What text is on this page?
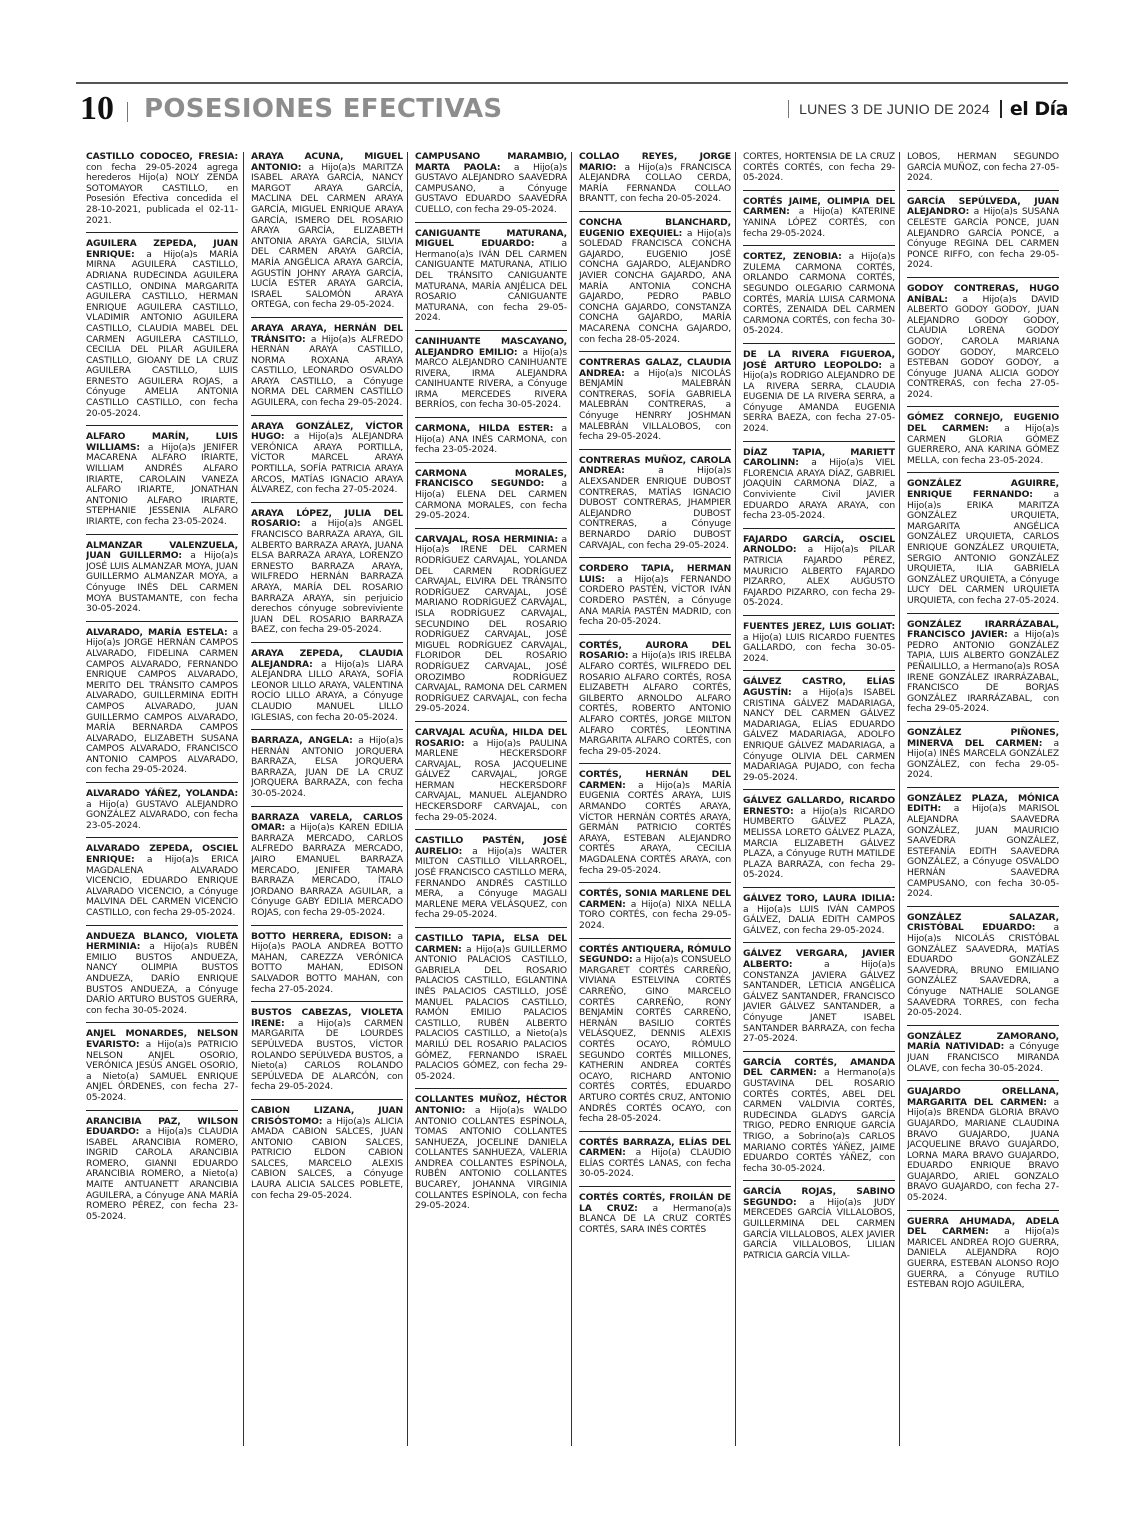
10 POSESIONES EFECTIVAS	LUNES 3 DE JUNIO DE 2024 el Día
CASTILLO CODOCEO, FRESIA: con fecha 29-05-2024 agrega herederos Hijo(a) NOLY ZENDA SOTOMAYOR CASTILLO, en Posesión Efectiva concedida el 28-10-2021, publicada el 02-11-2021.
AGUILERA ZEPEDA, JUAN ENRIQUE: a Hijo(a)s MARÍA MIRNA AGUILERA CASTILLO, ADRIANA RUDECINDA AGUILERA CASTILLO, ONDINA MARGARITA AGUILERA CASTILLO, HERMAN ENRIQUE AGUILERA CASTILLO, VLADIMIR ANTONIO AGUILERA CASTILLO, CLAUDIA MABEL DEL CARMEN AGUILERA CASTILLO, CECILIA DEL PILAR AGUILERA CASTILLO, GIOANY DE LA CRUZ AGUILERA CASTILLO, LUIS ERNESTO AGUILERA ROJAS, a Cónyuge AMELIA ANTONIA CASTILLO CASTILLO, con fecha 20-05-2024.
ALFARO MARÍN, LUIS WILLIAMS: a Hijo(a)s JENIFER MACARENA ALFARO IRIARTE, WILLIAM ANDRÉS ALFARO IRIARTE, CAROLAIN VANEZA ALFARO IRIARTE, JONATHAN ANTONIO ALFARO IRIARTE, STEPHANIE JESSENIA ALFARO IRIARTE, con fecha 23-05-2024.
ALMANZAR VALENZUELA, JUAN GUILLERMO: a Hijo(a)s JOSÉ LUIS ALMANZAR MOYA, JUAN GUILLERMO ALMANZAR MOYA, a Cónyuge INÉS DEL CARMEN MOYA BUSTAMANTE, con fecha 30-05-2024.
ALVARADO, MARÍA ESTELA: a Hijo(a)s JORGE HERNÁN CAMPOS ALVARADO, FIDELINA CARMEN CAMPOS ALVARADO, FERNANDO ENRIQUE CAMPOS ALVARADO, MERITO DEL TRÁNSITO CAMPOS ALVARADO, GUILLERMINA EDITH CAMPOS ALVARADO, JUAN GUILLERMO CAMPOS ALVARADO, MARÍA BERNARDA CAMPOS ALVARADO, ELIZABETH SUSANA CAMPOS ALVARADO, FRANCISCO ANTONIO CAMPOS ALVARADO, con fecha 29-05-2024.
ALVARADO YÁÑEZ, YOLANDA: a Hijo(a) GUSTAVO ALEJANDRO GONZÁLEZ ALVARADO, con fecha 23-05-2024.
ALVARADO ZEPEDA, OSCIEL ENRIQUE: a Hijo(a)s ERICA MAGDALENA ALVARADO VICENCIO, EDUARDO ENRIQUE ALVARADO VICENCIO, a Cónyuge MALVINA DEL CARMEN VICENCIO CASTILLO, con fecha 29-05-2024.
ANDUEZA BLANCO, VIOLETA HERMINIA: a Hijo(a)s RUBÉN EMILIO BUSTOS ANDUEZA, NANCY OLIMPIA BUSTOS ANDUEZA, DARÍO ENRIQUE BUSTOS ANDUEZA, a Cónyuge DARÍO ARTURO BUSTOS GUERRA, con fecha 30-05-2024.
ANJEL MONARDES, NELSON EVARISTO: a Hijo(a)s PATRICIO NELSON ANJEL OSORIO, VERÓNICA JESÚS ANGEL OSORIO, a Nieto(a) SAMUEL ENRIQUE ANJEL ÓRDENES, con fecha 27-05-2024.
ARANCIBIA PAZ, WILSON EDUARDO: a Hijo(a)s CLAUDIA ISABEL ARANCIBIA ROMERO, INGRID CAROLA ARANCIBIA ROMERO, GIANNI EDUARDO ARANCIBIA ROMERO, a Nieto(a) MAITE ANTUANETT ARANCIBIA AGUILERA, a Cónyuge ANA MARÍA ROMERO PÉREZ, con fecha 23-05-2024.
ARAYA ACUÑA, MIGUEL ANTONIO: a Hijo(a)s MARITZA ISABEL ARAYA GARCÍA, NANCY MARGOT ARAYA GARCÍA, MACLINA DEL CARMEN ARAYA GARCÍA, MIGUEL ENRIQUE ARAYA GARCÍA, ISMERO DEL ROSARIO ARAYA GARCÍA, ELIZABETH ANTONIA ARAYA GARCÍA, SILVIA DEL CARMEN ARAYA GARCÍA, MARÍA ANGÉLICA ARAYA GARCÍA, AGUSTÍN JOHNY ARAYA GARCÍA, LUCÍA ESTER ARAYA GARCÍA, ISRAEL SALOMÓN ARAYA ORTEGA, con fecha 29-05-2024.
ARAYA ARAYA, HERNÁN DEL TRÁNSITO: a Hijo(a)s ALFREDO HERNÁN ARAYA CASTILLO, NORMA ROXANA ARAYA CASTILLO, LEONARDO OSVALDO ARAYA CASTILLO, a Cónyuge NORMA DEL CARMEN CASTILLO AGUILERA, con fecha 29-05-2024.
ARAYA GONZÁLEZ, VÍCTOR HUGO: a Hijo(a)s ALEJANDRA VERÓNICA ARAYA PORTILLA, VÍCTOR MARCEL ARAYA PORTILLA, SOFÍA PATRICIA ARAYA ARCOS, MATÍAS IGNACIO ARAYA ÁLVAREZ, con fecha 27-05-2024.
ARAYA LÓPEZ, JULIA DEL ROSARIO: a Hijo(a)s ANGEL FRANCISCO BARRAZA ARAYA, GIL ALBERTO BARRAZA ARAYA, JUANA ELSA BARRAZA ARAYA, LORENZO ERNESTO BARRAZA ARAYA, WILFREDO HERNÁN BARRAZA ARAYA, MARÍA DEL ROSARIO BARRAZA ARAYA, sin perjuicio derechos cónyuge sobreviviente JUAN DEL ROSARIO BARRAZA BAEZ, con fecha 29-05-2024.
ARAYA ZEPEDA, CLAUDIA ALEJANDRA: a Hijo(a)s LIARA ALEJANDRA LILLO ARAYA, SOFÍA LEONOR LILLO ARAYA, VALENTINA ROCÍO LILLO ARAYA, a Cónyuge CLAUDIO MANUEL LILLO IGLESIAS, con fecha 20-05-2024.
BARRAZA, ANGELA: a Hijo(a)s HERNÁN ANTONIO JORQUERA BARRAZA, ELSA JORQUERA BARRAZA, JUAN DE LA CRUZ JORQUERA BARRAZA, con fecha 30-05-2024.
BARRAZA VARELA, CARLOS OMAR: a Hijo(a)s KAREN EDILIA BARRAZA MERCADO, CARLOS ALFREDO BARRAZA MERCADO, JAIRO EMANUEL BARRAZA MERCADO, JENIFER TAMARA BARRAZA MERCADO, ÍTALO JORDANO BARRAZA AGUILAR, a Cónyuge GABY EDILIA MERCADO ROJAS, con fecha 29-05-2024.
BOTTO HERRERA, EDISON: a Hijo(a)s PAOLA ANDREA BOTTO MAHAN, CAREZZA VERÓNICA BOTTO MAHAN, EDISON SALVADOR BOTTO MAHAN, con fecha 27-05-2024.
BUSTOS CABEZAS, VIOLETA IRENE: a Hijo(a)s CARMEN MARGARITA DE LOURDES SEPÚLVEDA BUSTOS, VÍCTOR ROLANDO SEPÚLVEDA BUSTOS, a Nieto(a) CARLOS ROLANDO SEPÚLVEDA DE ALARCÓN, con fecha 29-05-2024.
CABION LIZANA, JUAN CRISÓSTOMO: a Hijo(a)s ALICIA AMADA CABION SALCES, JUAN ANTONIO CABION SALCES, PATRICIO ELDON CABION SALCES, MARCELO ALEXIS CABION SALCES, a Cónyuge LAURA ALICIA SALCES POBLETE, con fecha 29-05-2024.
CAMPUSANO MARAMBIO, MARTA PAOLA: a Hijo(a)s GUSTAVO ALEJANDRO SAAVEDRA CAMPUSANO, a Cónyuge GUSTAVO EDUARDO SAAVEDRA CUELLO, con fecha 29-05-2024.
CANIGUANTE MATURANA, MIGUEL EDUARDO:	a Hermano(a)s IVÁN DEL CARMEN CANIGUANTE MATURANA, ATILIO DEL TRÁNSITO CANIGUANTE MATURANA, MARÍA ANJÉLICA DEL ROSARIO CANIGUANTE MATURANA, con fecha 29-05-2024.
CANIHUANTE MASCAYANO, ALEJANDRO EMILIO: a Hijo(a)s MARCO ALEJANDRO CANIHUANTE RIVERA, IRMA ALEJANDRA CANIHUANTE RIVERA, a Cónyuge IRMA MERCEDES RIVERA BERRÍOS, con fecha 30-05-2024.
CARMONA, HILDA ESTER: a Hijo(a) ANA INÉS CARMONA, con fecha 23-05-2024.
CARMONA MORALES, FRANCISCO SEGUNDO: a Hijo(a) ELENA DEL CARMEN CARMONA MORALES, con fecha 29-05-2024.
CARVAJAL, ROSA HERMINIA: a Hijo(a)s IRENE DEL CARMEN RODRÍGUEZ CARVAJAL, YOLANDA DEL CARMEN RODRÍGUEZ CARVAJAL, ELVIRA DEL TRÁNSITO RODRÍGUEZ CARVAJAL, JOSÉ MARIANO RODRÍGUEZ CARVAJAL, ISLA RODRÍGUEZ CARVAJAL, SECUNDINO DEL ROSARIO RODRÍGUEZ CARVAJAL, JOSÉ MIGUEL RODRÍGUEZ CARVAJAL, FLORIDOR DEL ROSARIO RODRÍGUEZ CARVAJAL, JOSÉ OROZIMBO RODRÍGUEZ CARVAJAL, RAMONA DEL CARMEN RODRÍGUEZ CARVAJAL, con fecha 29-05-2024.
CARVAJAL ACUÑA, HILDA DEL ROSARIO: a Hijo(a)s PAULINA MARLENE HECKERSDORF CARVAJAL, ROSA JACQUELINE GÁLVEZ CARVAJAL, JORGE HERMAN HECKERSDORF CARVAJAL, MANUEL ALEJANDRO HECKERSDORF CARVAJAL, con fecha 29-05-2024.
CASTILLO PASTÉN, JOSÉ AURELIO: a Hijo(a)s WALTER MILTON CASTILLO VILLARROEL, JOSÉ FRANCISCO CASTILLO MERA, FERNANDO ANDRÉS CASTILLO MERA, a Cónyuge MAGALI MARLENE MERA VELÁSQUEZ, con fecha 29-05-2024.
CASTILLO TAPIA, ELSA DEL CARMEN: a Hijo(a)s GUILLERMO ANTONIO PALACIOS CASTILLO, GABRIELA DEL ROSARIO PALACIOS CASTILLO, EGLANTINA INÉS PALACIOS CASTILLO, JOSÉ MANUEL PALACIOS CASTILLO, RAMÓN EMILIO PALACIOS CASTILLO, RUBÉN ALBERTO PALACIOS CASTILLO, a Nieto(a)s MARILÚ DEL ROSARIO PALACIOS GÓMEZ, FERNANDO ISRAEL PALACIOS GÓMEZ, con fecha 29-05-2024.
COLLANTES MUÑOZ, HÉCTOR ANTONIO: a Hijo(a)s WALDO ANTONIO COLLANTES ESPÍNOLA, TOMAS ANTONIO COLLANTES SANHUEZA, JOCELINE DANIELA COLLANTES SANHUEZA, VALERIA ANDREA COLLANTES ESPÍNOLA, RUBÉN ANTONIO COLLANTES BUCAREY, JOHANNA VIRGINIA COLLANTES ESPÍNOLA, con fecha 29-05-2024.
COLLAO REYES, JORGE MARIO: a Hijo(a)s FRANCISCA ALEJANDRA COLLAO CERDA, MARÍA FERNANDA COLLAO BRANTT, con fecha 20-05-2024.
CONCHA BLANCHARD, EUGENIO EXEQUIEL: a Hijo(a)s SOLEDAD FRANCISCA CONCHA GAJARDO, EUGENIO JOSÉ CONCHA GAJARDO, ALEJANDRO JAVIER CONCHA GAJARDO, ANA MARÍA ANTONIA CONCHA GAJARDO, PEDRO PABLO CONCHA GAJARDO, CONSTANZA CONCHA GAJARDO, MARÍA MACARENA CONCHA GAJARDO, con fecha 28-05-2024.
CONTRERAS GALAZ, CLAUDIA ANDREA: a Hijo(a)s NICOLÁS BENJAMÍN MALEBRÁN CONTRERAS, SOFÍA GABRIELA MALEBRÁN CONTRERAS, a Cónyuge HENRRY JOSHMAN MALEBRÁN VILLALOBOS, con fecha 29-05-2024.
CONTRERAS MUÑOZ, CAROLA ANDREA:	a Hijo(a)s ALEXSANDER ENRIQUE DUBOST CONTRERAS, MATÍAS IGNACIO DUBOST CONTRERAS, JHAMPIER ALEJANDRO DUBOST CONTRERAS, a Cónyuge BERNARDO DARÍO DUBOST CARVAJAL, con fecha 29-05-2024.
CORDERO TAPIA, HERMAN LUIS: a Hijo(a)s FERNANDO CORDERO PASTÉN, VÍCTOR IVÁN CORDERO PASTÉN, a Cónyuge ANA MARÍA PASTÉN MADRID, con fecha 20-05-2024.
CORTÉS, AURORA DEL ROSARIO: a Hijo(a)s IRIS IRELBA ALFARO CORTÉS, WILFREDO DEL ROSARIO ALFARO CORTÉS, ROSA ELIZABETH ALFARO CORTÉS, GILBERTO ARNOLDO ALFARO CORTÉS, ROBERTO ANTONIO ALFARO CORTÉS, JORGE MILTON ALFARO CORTÉS, LEONTINA MARGARITA ALFARO CORTÉS, con fecha 29-05-2024.
CORTÉS, HERNÁN DEL CARMEN: a Hijo(a)s MARÍA EUGENIA CORTÉS ARAYA, LUIS ARMANDO CORTÉS ARAYA, VÍCTOR HERNÁN CORTÉS ARAYA, GERMÁN PATRICIO CORTÉS ARAYA, ESTEBAN ALEJANDRO CORTÉS ARAYA, CECILIA MAGDALENA CORTÉS ARAYA, con fecha 29-05-2024.
CORTÉS, SONIA MARLENE DEL CARMEN: a Hijo(a) NIXA NELLA TORO CORTÉS, con fecha 29-05-2024.
CORTÉS ANTIQUERA, RÓMULO SEGUNDO: a Hijo(a)s CONSUELO MARGARET CORTÉS CARREÑO, VIVIANA ESTELVINA CORTÉS CARREÑO, GINO MARCELO CORTÉS CARREÑO, RONY BENJAMÍN CORTÉS CARREÑO, HERNÁN BASILIO CORTÉS VELÁSQUEZ, DENNIS ALEXIS CORTÉS OCAYO, RÓMULO SEGUNDO CORTÉS MILLONES, KATHERIN ANDREA CORTÉS OCAYO, RICHARD ANTONIO CORTÉS CORTÉS, EDUARDO ARTURO CORTÉS CRUZ, ANTONIO ANDRÉS CORTÉS OCAYO, con fecha 28-05-2024.
CORTÉS BARRAZA, ELÍAS DEL CARMEN: a Hijo(a) CLAUDIO ELÍAS CORTÉS LANAS, con fecha 30-05-2024.
CORTÉS CORTÉS, FROILÁN DE LA CRUZ: a Hermano(a)s BLANCA DE LA CRUZ CORTÉS CORTÉS, SARA INÉS CORTÉS
CORTÉS, HORTENSIA DE LA CRUZ CORTÉS CORTÉS, con fecha 29-05-2024.
CORTÉS JAIME, OLIMPIA DEL CARMEN: a Hijo(a) KATERINE YANINA LÓPEZ CORTÉS, con fecha 29-05-2024.
CORTEZ, ZENOBIA: a Hijo(a)s ZULEMA CARMONA CORTÉS, ORLANDO CARMONA CORTÉS, SEGUNDO OLEGARIO CARMONA CORTÉS, MARÍA LUISA CARMONA CORTÉS, ZENAIDA DEL CARMEN CARMONA CORTÉS, con fecha 30-05-2024.
DE LA RIVERA FIGUEROA, JOSÉ ARTURO LEOPOLDO: a Hijo(a)s RODRIGO ALEJANDRO DE LA RIVERA SERRA, CLAUDIA EUGENIA DE LA RIVERA SERRA, a Cónyuge AMANDA EUGENIA SERRA BAEZA, con fecha 27-05-2024.
DÍAZ TAPIA, MARIETT CAROLINN: a Hijo(a)s VIEL FLORENCIA ARAYA DÍAZ, GABRIEL JOAQUÍN CARMONA DÍAZ, a Conviviente Civil JAVIER EDUARDO ARAYA ARAYA, con fecha 23-05-2024.
FAJARDO GARCÍA, OSCIEL ARNOLDO: a Hijo(a)s PILAR PATRICIA FAJARDO PÉREZ, MAURICIO ALBERTO FAJARDO PIZARRO, ALEX AUGUSTO FAJARDO PIZARRO, con fecha 29-05-2024.
FUENTES JEREZ, LUIS GOLIAT: a Hijo(a) LUIS RICARDO FUENTES GALLARDO, con fecha 30-05-2024.
GÁLVEZ CASTRO, ELÍAS AGUSTÍN: a Hijo(a)s ISABEL CRISTINA GÁLVEZ MADARIAGA, NANCY DEL CARMEN GÁLVEZ MADARIAGA, ELÍAS EDUARDO GÁLVEZ MADARIAGA, ADOLFO ENRIQUE GÁLVEZ MADARIAGA, a Cónyuge OLIVIA DEL CARMEN MADARIAGA PUJADO, con fecha 29-05-2024.
GÁLVEZ GALLARDO, RICARDO ERNESTO: a Hijo(a)s RICARDO HUMBERTO GÁLVEZ PLAZA, MELISSA LORETO GÁLVEZ PLAZA, MARCIA ELIZABETH GÁLVEZ PLAZA, a Cónyuge RUTH MATILDE PLAZA BARRAZA, con fecha 29-05-2024.
GÁLVEZ TORO, LAURA IDILIA: a Hijo(a)s LUIS IVÁN CAMPOS GÁLVEZ, DALIA EDITH CAMPOS GÁLVEZ, con fecha 29-05-2024.
GÁLVEZ VERGARA, JAVIER ALBERTO:	a Hijo(a)s CONSTANZA JAVIERA GÁLVEZ SANTANDER, LETICIA ANGÉLICA GÁLVEZ SANTANDER, FRANCISCO JAVIER GÁLVEZ SANTANDER, a Cónyuge JANET ISABEL SANTANDER BARRAZA, con fecha 27-05-2024.
GARCÍA CORTÉS, AMANDA DEL CARMEN: a Hermano(a)s GUSTAVINA DEL ROSARIO CORTÉS CORTÉS, ABEL DEL CARMEN VALDIVIA CORTÉS, RUDECINDA GLADYS GARCÍA TRIGO, PEDRO ENRIQUE GARCÍA TRIGO, a Sobrino(a)s CARLOS MARIANO CORTÉS YÁÑEZ, JAIME EDUARDO CORTÉS YÁÑEZ, con fecha 30-05-2024.
GARCÍA ROJAS, SABINO SEGUNDO: a Hijo(a)s JUDY MERCEDES GARCÍA VILLALOBOS, GUILLERMINA DEL CARMEN GARCÍA VILLALOBOS, ALEX JAVIER GARCÍA VILLALOBOS, LILIAN PATRICIA GARCÍA VILLA-
LOBOS, HERMAN SEGUNDO GARCÍA MUÑOZ, con fecha 27-05-2024.
GARCÍA SEPÚLVEDA, JUAN ALEJANDRO: a Hijo(a)s SUSANA CELESTE GARCÍA PONCE, JUAN ALEJANDRO GARCÍA PONCE, a Cónyuge REGINA DEL CARMEN PONCE RIFFO, con fecha 29-05-2024.
GODOY CONTRERAS, HUGO ANÍBAL: a Hijo(a)s DAVID ALBERTO GODOY GODOY, JUAN ALEJANDRO GODOY GODOY, CLAUDIA LORENA GODOY GODOY, CAROLA MARIANA GODOY GODOY, MARCELO ESTEBAN GODOY GODOY, a Cónyuge JUANA ALICIA GODOY CONTRERAS, con fecha 27-05-2024.
GÓMEZ CORNEJO, EUGENIO DEL CARMEN: a Hijo(a)s CARMEN GLORIA GÓMEZ GUERRERO, ANA KARINA GÓMEZ MELLA, con fecha 23-05-2024.
GONZÁLEZ AGUIRRE, ENRIQUE FERNANDO: a Hijo(a)s ERIKA MARITZA GONZÁLEZ URQUIETA, MARGARITA ANGÉLICA GONZÁLEZ URQUIETA, CARLOS ENRIQUE GONZÁLEZ URQUIETA, SERGIO ANTONIO GONZÁLEZ URQUIETA, ILIA GABRIELA GONZÁLEZ URQUIETA, a Cónyuge LUCY DEL CARMEN URQUIETA URQUIETA, con fecha 27-05-2024.
GONZÁLEZ IRARRÁZABAL, FRANCISCO JAVIER: a Hijo(a)s PEDRO ANTONIO GONZÁLEZ TAPIA, LUIS ALBERTO GONZÁLEZ PEÑAILILLO, a Hermano(a)s ROSA IRENE GONZÁLEZ IRARRÁZABAL, FRANCISCO DE BORJAS GONZÁLEZ IRARRÁZABAL, con fecha 29-05-2024.
GONZÁLEZ PIÑONES, MINERVA DEL CARMEN: a Hijo(a) INÉS MARCELA GONZÁLEZ GONZÁLEZ, con fecha 29-05-2024.
GONZÁLEZ PLAZA, MÓNICA EDITH: a Hijo(a)s MARISOL ALEJANDRA SAAVEDRA GONZÁLEZ, JUAN MAURICIO SAAVEDRA GONZÁLEZ, ESTEFANÍA EDITH SAAVEDRA GONZÁLEZ, a Cónyuge OSVALDO HERNÁN SAAVEDRA CAMPUSANO, con fecha 30-05-2024.
GONZÁLEZ SALAZAR, CRISTÓBAL EDUARDO: a Hijo(a)s NICOLÁS CRISTÓBAL GONZÁLEZ SAAVEDRA, MATÍAS EDUARDO GONZÁLEZ SAAVEDRA, BRUNO EMILIANO GONZÁLEZ SAAVEDRA, a Cónyuge NATHALIE SOLANGE SAAVEDRA TORRES, con fecha 20-05-2024.
GONZÁLEZ ZAMORANO, MARÍA NATIVIDAD: a Cónyuge JUAN FRANCISCO MIRANDA OLAVE, con fecha 30-05-2024.
GUAJARDO ORELLANA, MARGARITA DEL CARMEN: a Hijo(a)s BRENDA GLORIA BRAVO GUAJARDO, MARIANE CLAUDINA BRAVO GUAJARDO, JUANA JACQUELINE BRAVO GUAJARDO, LORNA MARA BRAVO GUAJARDO, EDUARDO ENRIQUE BRAVO GUAJARDO, ARIEL GONZALO BRAVO GUAJARDO, con fecha 27-05-2024.
GUERRA AHUMADA, ADELA DEL CARMEN: a Hijo(a)s MARICEL ANDREA ROJO GUERRA, DANIELA ALEJANDRA ROJO GUERRA, ESTEBAN ALONSO ROJO GUERRA, a Cónyuge RUTILO ESTEBAN ROJO AGUILERA,
